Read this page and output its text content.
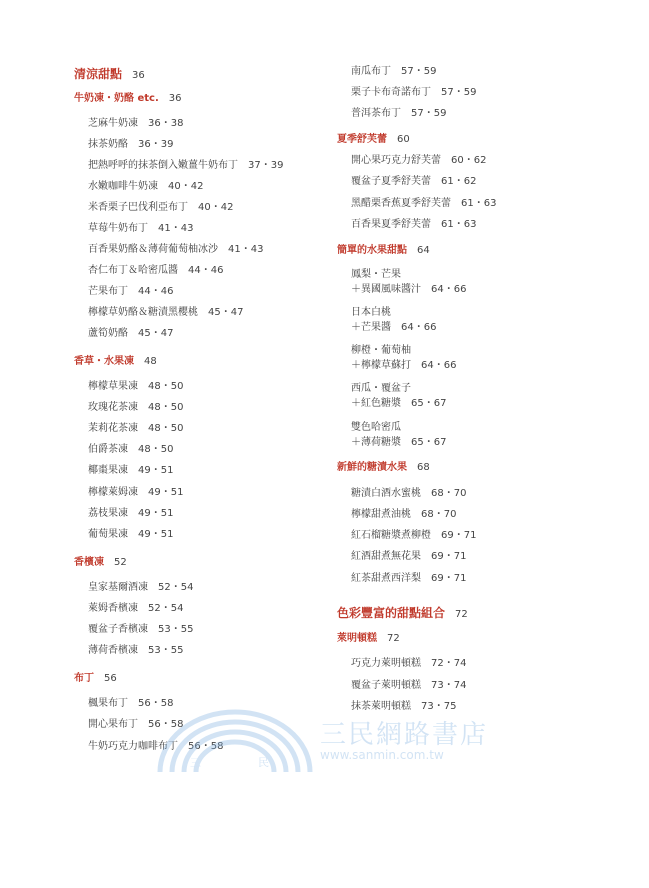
清涼甜點 36
牛奶凍・奶酪 etc. 36
芝麻牛奶凍 36・38
抹茶奶酪 36・39
把熱呼呼的抹茶倒入嫩薑牛奶布丁 37・39
水嫩咖啡牛奶凍 40・42
米香栗子巴伐利亞布丁 40・42
草莓牛奶布丁 41・43
百香果奶酪＆薄荷葡萄柚冰沙 41・43
杏仁布丁＆哈密瓜醬 44・46
芒果布丁 44・46
檸檬草奶酪＆糖漬黑櫻桃 45・47
蘆筍奶酪 45・47
香草・水果凍 48
檸檬草果凍 48・50
玫瑰花茶凍 48・50
茉莉花茶凍 48・50
伯爵茶凍 48・50
椰棗果凍 49・51
檸檬萊姆凍 49・51
荔枝果凍 49・51
葡萄果凍 49・51
香檳凍 52
皇家基爾酒凍 52・54
萊姆香檳凍 52・54
覆盆子香檳凍 53・55
薄荷香檳凍 53・55
布丁 56
楓果布丁 56・58
開心果布丁 56・58
牛奶巧克力咖啡布丁 56・58
南瓜布丁 57・59
栗子卡布奇諾布丁 57・59
普洱茶布丁 57・59
夏季舒芙蕾 60
開心果巧克力舒芙蕾 60・62
覆盆子夏季舒芙蕾 61・62
黑醋栗香蕉夏季舒芙蕾 61・63
百香果夏季舒芙蕾 61・63
簡單的水果甜點 64
鳳梨・芒果
＋異國風味醬汁 64・66
日本白桃
＋芒果醬 64・66
柳橙・葡萄柚
＋檸檬草蘇打 64・66
西瓜・覆盆子
＋紅色糖漿 65・67
雙色哈密瓜
＋薄荷糖漿 65・67
新鮮的糖漬水果 68
糖漬白酒水蜜桃 68・70
檸檬甜煮油桃 68・70
紅石榴糖漿煮柳橙 69・71
紅酒甜煮無花果 69・71
紅茶甜煮西洋梨 69・71
色彩豐富的甜點組合 72
萊明頓糕 72
巧克力萊明頓糕 72・74
覆盆子萊明頓糕 73・74
抹茶萊明頓糕 73・75
三	民
三民網路書店
www.sanmin.com.tw
